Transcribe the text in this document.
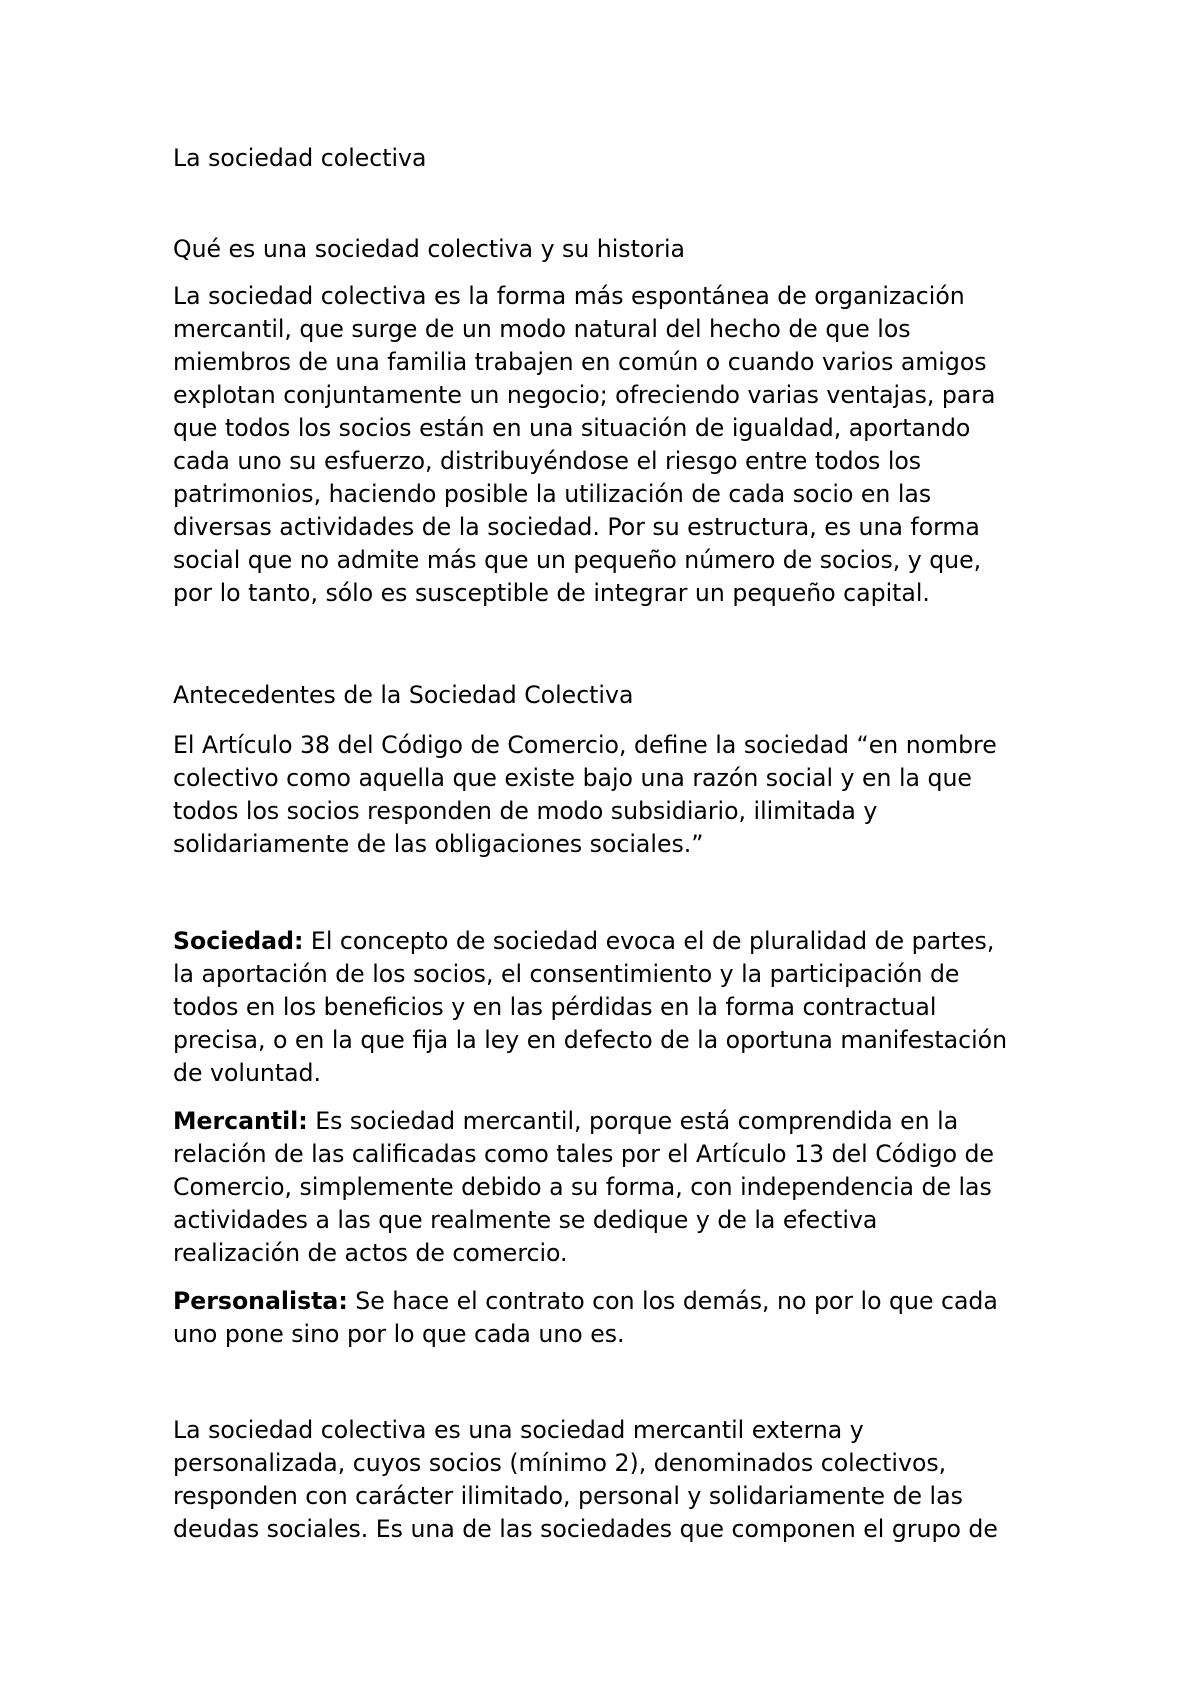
La sociedad colectiva
Qué es una sociedad colectiva y su historia
La sociedad colectiva es la forma más espontánea de organización
mercantil, que surge de un modo natural del hecho de que los
miembros de una familia trabajen en común o cuando varios amigos
explotan conjuntamente un negocio; ofreciendo varias ventajas, para
que todos los socios están en una situación de igualdad, aportando
cada uno su esfuerzo, distribuyéndose el riesgo entre todos los
patrimonios, haciendo posible la utilización de cada socio en las
diversas actividades de la sociedad. Por su estructura, es una forma
social que no admite más que un pequeño número de socios, y que,
por lo tanto, sólo es susceptible de integrar un pequeño capital.
Antecedentes de la Sociedad Colectiva
El Artículo 38 del Código de Comercio, define la sociedad “en nombre
colectivo como aquella que existe bajo una razón social y en la que
todos los socios responden de modo subsidiario, ilimitada y
solidariamente de las obligaciones sociales.”
Sociedad: El concepto de sociedad evoca el de pluralidad de partes,
la aportación de los socios, el consentimiento y la participación de
todos en los beneficios y en las pérdidas en la forma contractual
precisa, o en la que fija la ley en defecto de la oportuna manifestación
de voluntad.
Mercantil: Es sociedad mercantil, porque está comprendida en la
relación de las calificadas como tales por el Artículo 13 del Código de
Comercio, simplemente debido a su forma, con independencia de las
actividades a las que realmente se dedique y de la efectiva
realización de actos de comercio.
Personalista: Se hace el contrato con los demás, no por lo que cada
uno pone sino por lo que cada uno es.
La sociedad colectiva es una sociedad mercantil externa y
personalizada, cuyos socios (mínimo 2), denominados colectivos,
responden con carácter ilimitado, personal y solidariamente de las
deudas sociales. Es una de las sociedades que componen el grupo de
